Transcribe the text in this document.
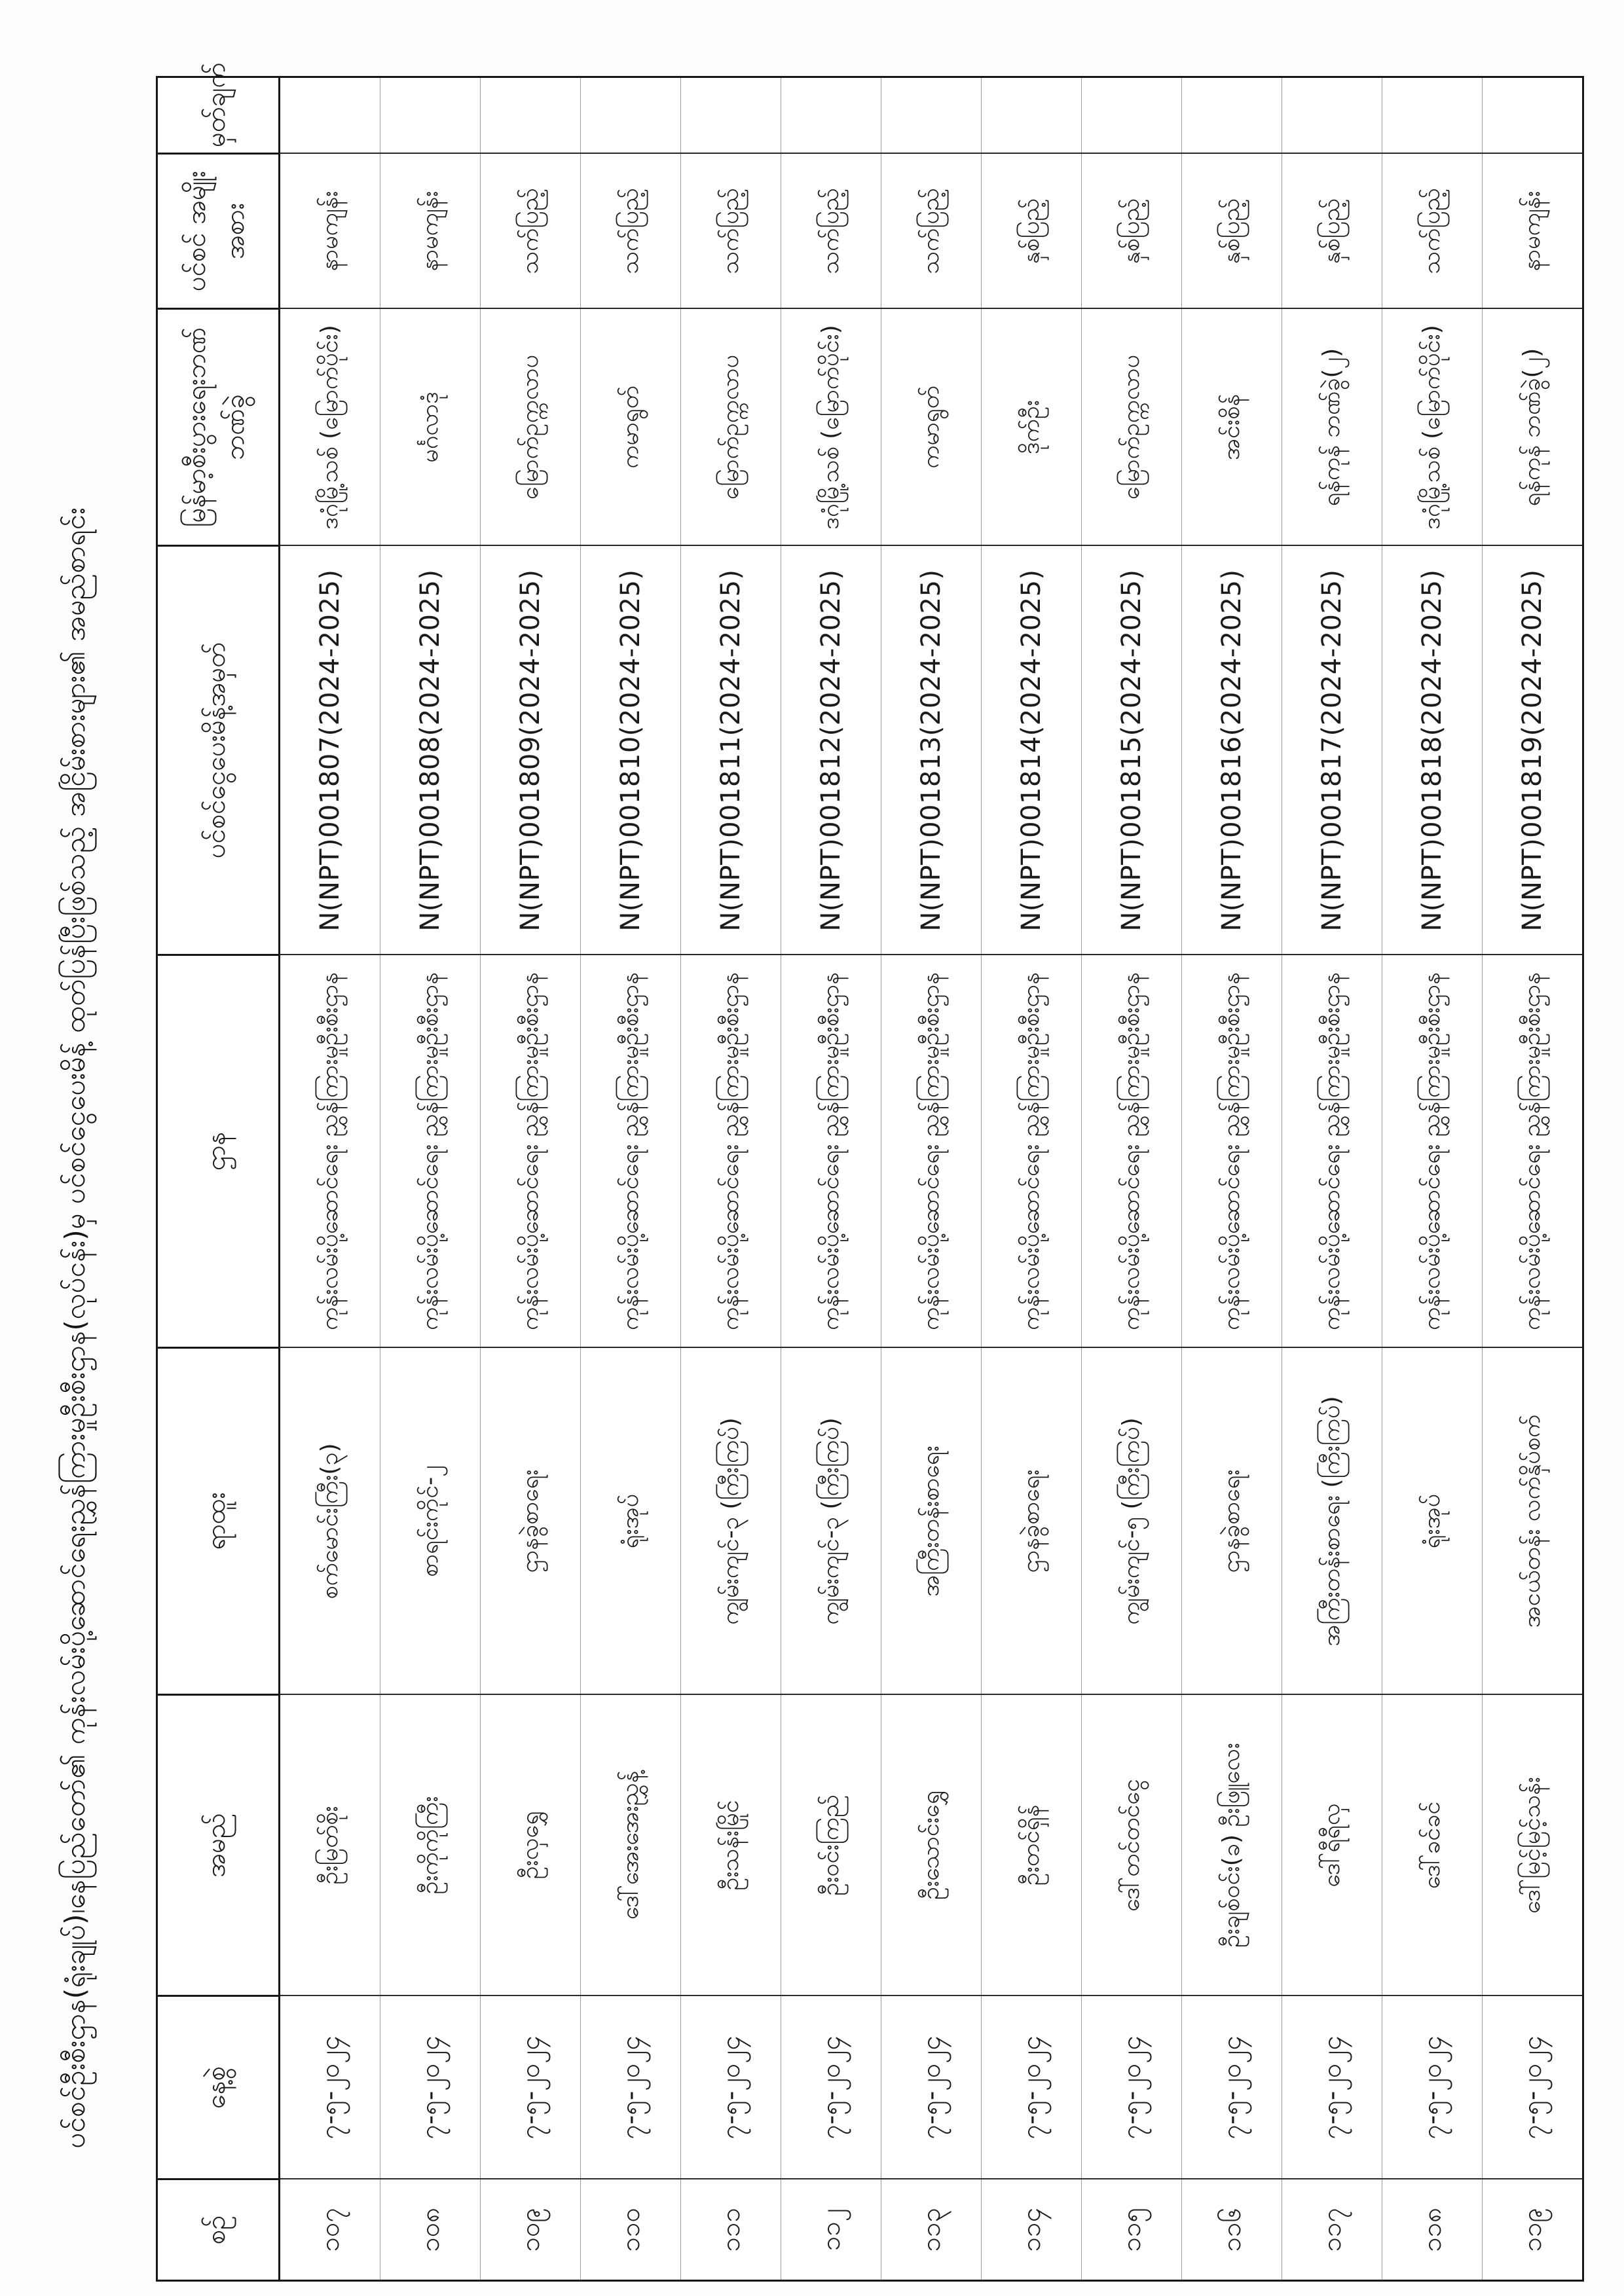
ပင်စင်ဦးစီးဌာန(ရုံးချုပ်)၊နေပြည်တော်၏ ကုန်းလမ်းပို့ဆောင်ရေးညွှန်ကြားမှုဦးစီးဌာန(လုပ်ငန်း)မှ ပင်စင်ငွေပေးမိန့် ထုတ်ပြန်ပြီးဖြစ်သည့် အငြိမ်းစားများ၏ အမည်စာရင်း
စဉ်	နေ့စွဲ	အမည်	ရာထူး	ဌာန	ပင်စင်ငွေပေးမိန့်အမှတ်	မြန်မာ့စီးပွားရေးဘဏ် ဘဏ်ခွဲ	ပင်စင် အမျိုးအစား	မှတ်ချက်
၁၀၇	၇-၅-၂၀၂၄	ဦးမြတ်စိုး	စက်မောင်းကြီး(၃)	ကုန်းလမ်းပို့ဆောင်ရေး ညွှန်ကြားမှုဦးစီးဌာန	N(NPT)001807(2024-2025)	ဒဂုံမြို့သစ် (မြောက်ပိုင်း)	နာမကျန်း	
၁၀၈	၇-၅-၂၀၂၄	ဦးကိုကိုကြီး	စာရင်းကိုင်-၂	ကုန်းလမ်းပို့ဆောင်ရေး ညွှန်ကြားမှုဦးစီးဌာန	N(NPT)001808(2024-2025)	မင်္ဂလာဒုံ	နာမကျန်း	
၁၀၉	၇-၅-၂၀၂၄	ဦးလှရွှေ	ဌာနခွဲစာရေး	ကုန်းလမ်းပို့ဆောင်ရေး ညွှန်ကြားမှုဦးစီးဌာန	N(NPT)001809(2024-2025)	မြောက်ဥက္ကလာပ	သက်ပြည့်	
၁၁၀	၇-၅-၂၀၂၄	ဒေါ်အေးအေးညွှန့်	ရုံးအုပ်	ကုန်းလမ်းပို့ဆောင်ရေး ညွှန်ကြားမှုဦးစီးဌာန	N(NPT)001810(2024-2025)	ကမာရွတ်	သက်ပြည့်	
၁၁၁	၇-၅-၂၀၂၄	ဦးသန်းမြိုင်	ကျွမ်းကျင်-၃ (ကြီးကြပ်)	ကုန်းလမ်းပို့ဆောင်ရေး ညွှန်ကြားမှုဦးစီးဌာန	N(NPT)001811(2024-2025)	မြောက်ဥက္ကလာပ	သက်ပြည့်	
၁၁၂	၇-၅-၂၀၂၄	ဦးဝင်းကြည်	ကျွမ်းကျင်-၃ (ကြီးကြပ်)	ကုန်းလမ်းပို့ဆောင်ရေး ညွှန်ကြားမှုဦးစီးဌာန	N(NPT)001812(2024-2025)	ဒဂုံမြို့သစ် (မြောက်ပိုင်း)	သက်ပြည့်	
၁၁၃	၇-၅-၂၀၂၄	ဦးသောင်းရွှေ	အကြီးတန်းစာရေး	ကုန်းလမ်းပို့ဆောင်ရေး ညွှန်ကြားမှုဦးစီးဌာန	N(NPT)001813(2024-2025)	ကမာရွတ်	သက်ပြည့်	
၁၁၄	၇-၅-၂၀၂၄	ဦးတင်ရှိန်	ဌာနခွဲစာရေး	ကုန်းလမ်းပို့ဆောင်ရေး ညွှန်ကြားမှုဦးစီးဌာန	N(NPT)001814(2024-2025)	ဒိုက်ဦး	နှစ်ပြည့်	
၁၁၅	၇-၅-၂၀၂၄	ဒေါ်တင်တင်ငွေ	ကျွမ်းကျင်-၅ (ကြီးကြပ်)	ကုန်းလမ်းပို့ဆောင်ရေး ညွှန်ကြားမှုဦးစီးဌာန	N(NPT)001815(2024-2025)	မြောက်ဥက္ကလာပ	နှစ်ပြည့်	
၁၁၆	၇-၅-၂၀၂၄	ဦးချစ်ဝင်း(ခ) ဦးဖြူလေး	ဌာနခွဲစာရေး	ကုန်းလမ်းပို့ဆောင်ရေး ညွှန်ကြားမှုဦးစီးဌာန	N(NPT)001816(2024-2025)	အင်းစိန်	နှစ်ပြည့်	
၁၁၇	၇-၅-၂၀၂၄	ဒေါ်ရီရီလှ	အကြီးတန်းစာရေး (ကြီးကြပ်)	ကုန်းလမ်းပို့ဆောင်ရေး ညွှန်ကြားမှုဦးစီးဌာန	N(NPT)001817(2024-2025)	ရန်ကုန် ဘဏ်ခွဲ(၂)	နှစ်ပြည့်	
၁၁၈	၇-၅-၂၀၂၄	ဒေါ်ခင်ခင်	ရုံးအုပ်	ကုန်းလမ်းပို့ဆောင်ရေး ညွှန်ကြားမှုဦးစီးဌာန	N(NPT)001818(2024-2025)	ဒဂုံမြို့သစ် (မြောက်ပိုင်း)	သက်ပြည့်	
၁၁၉	၇-၅-၂၀၂၄	ဒေါ်မြင့်မြင့်သန်း	အငယ်တန်း လက်နှိပ်စက်	ကုန်းလမ်းပို့ဆောင်ရေး ညွှန်ကြားမှုဦးစီးဌာန	N(NPT)001819(2024-2025)	ရန်ကုန် ဘဏ်ခွဲ(၂)	နာမကျန်း	
